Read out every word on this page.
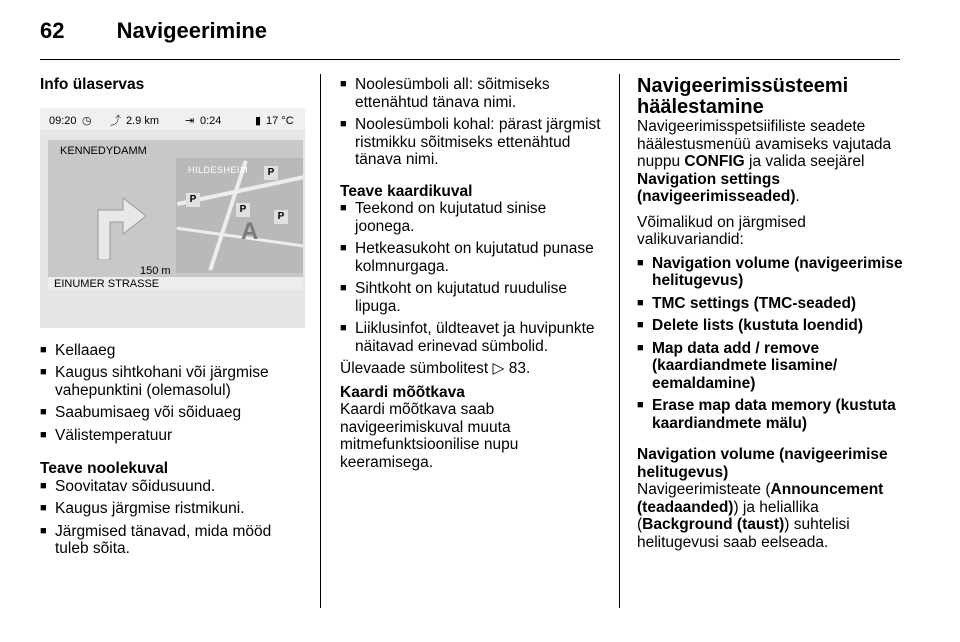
62 Navigeerimine
Info ülaservas
09:20 ◷ ⤴ 2.9 km ⇥ 0:24	▮ 17 °C
KENNEDYDAMM
150 m
P
P
P
P
A
HILDESHEIM
EINUMER STRASSE
■ Kellaaeg
■ Kaugus sihtkohani või järgmise vahepunktini (olemasolul)
■ Saabumisaeg või sõiduaeg
■ Välistemperatuur
Teave noolekuval
■ Soovitatav sõidusuund.
■ Kaugus järgmise ristmikuni.
■ Järgmised tänavad, mida mööd tuleb sõita.
■ Noolesümboli all: sõitmiseks ettenähtud tänava nimi.
■ Noolesümboli kohal: pärast järgmist ristmikku sõitmiseks ettenähtud tänava nimi.
Teave kaardikuval
■ Teekond on kujutatud sinise joonega.
■ Hetkeasukoht on kujutatud punase kolmnurgaga.
■ Sihtkoht on kujutatud ruudulise lipuga.
■ Liiklusinfot, üldteavet ja huvipunkte näitavad erinevad sümbolid.

Ülevaade sümbolitest ▷ 83.

Kaardi mõõtkava

Kaardi mõõtkava saab navigeerimiskuval muuta mitmefunktsioonilise nupu keeramisega.

Navigeerimissüsteemi häälestamine

Navigeerimisspetsiifiliste seadete häälestusmenüü avamiseks vajutada nuppu CONFIG ja valida seejärel Navigation settings (navigeerimisseaded).

Võimalikud on järgmised valikuvariandid:

■ Navigation volume (navigeerimise helitugevus)
■ TMC settings (TMC-seaded)
■ Delete lists (kustuta loendid)
■ Map data add / remove (kaardiandmete lisamine/ eemaldamine)
■ Erase map data memory (kustuta kaardiandmete mälu)
Navigation volume (navigeerimise helitugevus)

Navigeerimisteate (Announcement (teadaanded)) ja heliallika (Background (taust)) suhtelisi helitugevusi saab eelseada.
